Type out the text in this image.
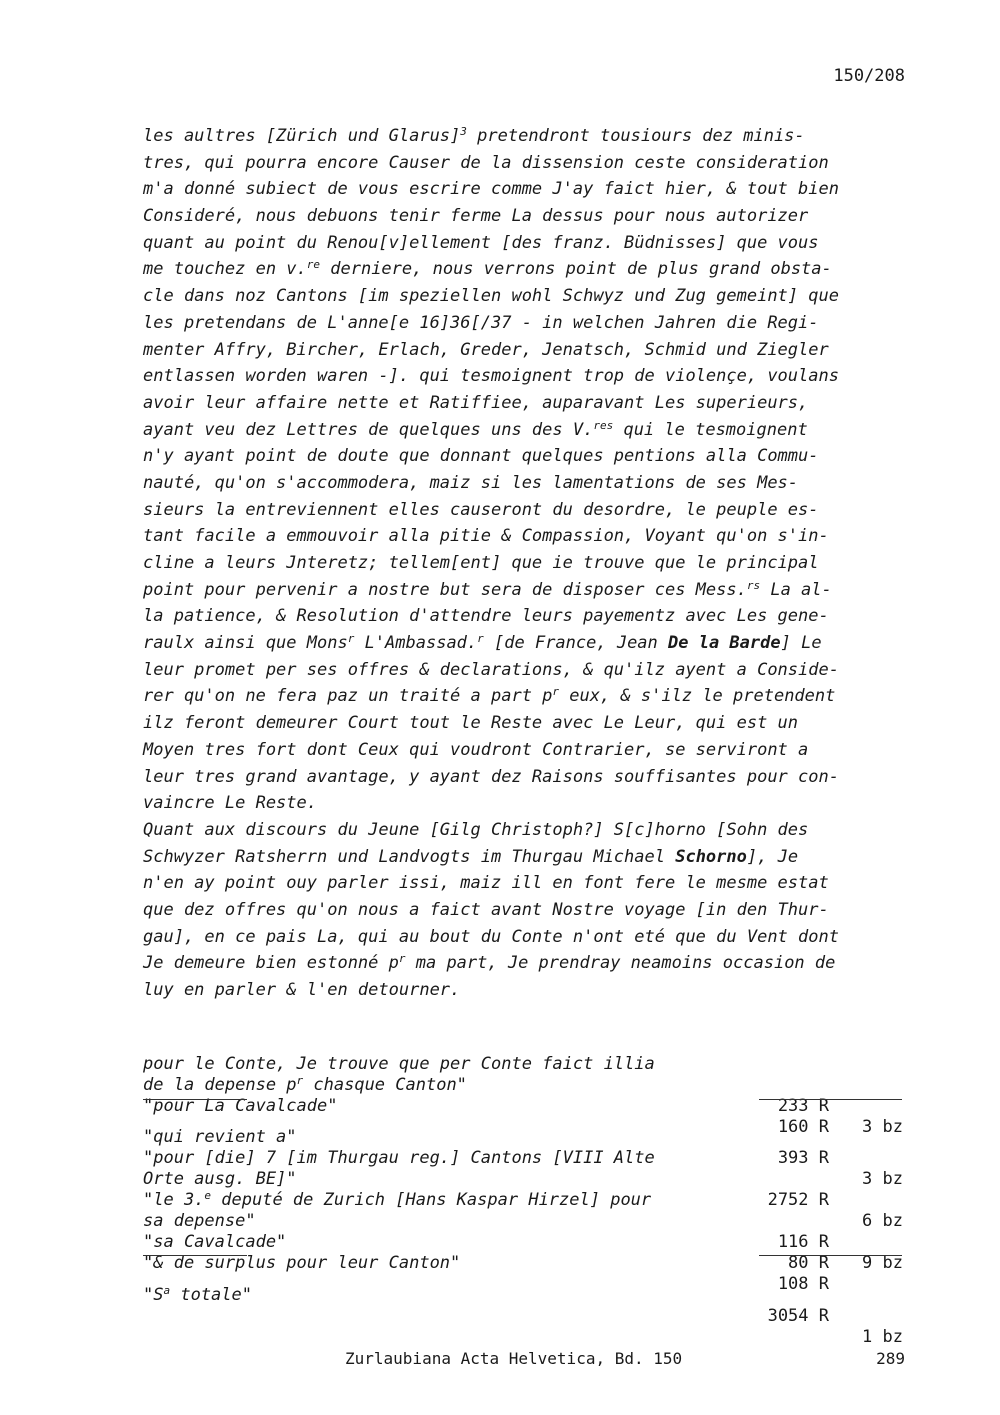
150/208
les aultres [Zürich und Glarus]$^3$ pretendront tousiours dez minis-
tres, qui pourra encore Causer de la dissension ceste consideration
m'a donné subiect de vous escrire comme J'ay faict hier, & tout bien
Consideré, nous debuons tenir ferme La dessus pour nous autorizer
quant au point du Renou[v]ellement [des franz. Büdnisses] que vous
me touchez en v.$^{re}$ derniere, nous verrons point de plus grand obsta-
cle dans noz Cantons [im speziellen wohl Schwyz und Zug gemeint] que
les pretendans de L'anne[e 16]36[/37 - in welchen Jahren die Regi-
menter Affry, Bircher, Erlach, Greder, Jenatsch, Schmid und Ziegler
entlassen worden waren -]. qui tesmoignent trop de violençe, voulans
avoir leur affaire nette et Ratiffiee, auparavant Les superieurs,
ayant veu dez Lettres de quelques uns des V.$^{res}$ qui le tesmoignent
n'y ayant point de doute que donnant quelques pentions alla Commu-
nauté, qu'on s'accommodera, maiz si les lamentations de ses Mes-
sieurs la entreviennent elles causeront du desordre, le peuple es-
tant facile a emmouvoir alla pitie & Compassion, Voyant qu'on s'in-
cline a leurs Jnteretz; tellem[ent] que ie trouve que le principal
point pour pervenir a nostre but sera de disposer ces Mess.$^{rs}$ La al-
la patience, & Resolution d'attendre leurs payementz avec Les gene-
raulx ainsi que Mons$^r$ L'Ambassad.$^r$ [de France, Jean De la Barde] Le
leur promet per ses offres & declarations, & qu'ilz ayent a Conside-
rer qu'on ne fera paz un traité a part $p^r$ eux, & s'ilz le pretendent
ilz feront demeurer Court tout le Reste avec Le Leur, qui est un
Moyen tres fort dont Ceux qui voudront Contrarier, se serviront a
leur tres grand avantage, y ayant dez Raisons souffisantes pour con-
vaincre Le Reste.
Quant aux discours du Jeune [Gilg Christoph?] S[c]horno [Sohn des
Schwyzer Ratsherrn und Landvogts im Thurgau Michael Schorno], Je
n'en ay point ouy parler issi, maiz ill en font fere le mesme estat
que dez offres qu'on nous a faict avant Nostre voyage [in den Thur-
gau], en ce pais La, qui au bout du Conte n'ont eté que du Vent dont
Je demeure bien estonné $p^r$ ma part, Je prendray neamoins occasion de
luy en parler & l'en detourner.

pour le Conte, Je trouve que per Conte faict illia

de la depense $p^r$ chasque Canton"

233 R

3 bz

"pour La Cavalcade"

160 R

"qui revient a"

393 R

3 bz

"pour [die] 7 [im Thurgau reg.] Cantons [VIII Alte

Orte ausg. BE]"

2752 R

6 bz

"le 3.$^e$ deputé de Zurich [Hans Kaspar Hirzel] pour

sa depense"

116 R

9 bz

"sa Cavalcade"

80 R

"& de surplus pour leur Canton"

108 R

"$S^a$ totale"

3054 R

1 bz

Zurlaubiana Acta Helvetica, Bd. 150	289
